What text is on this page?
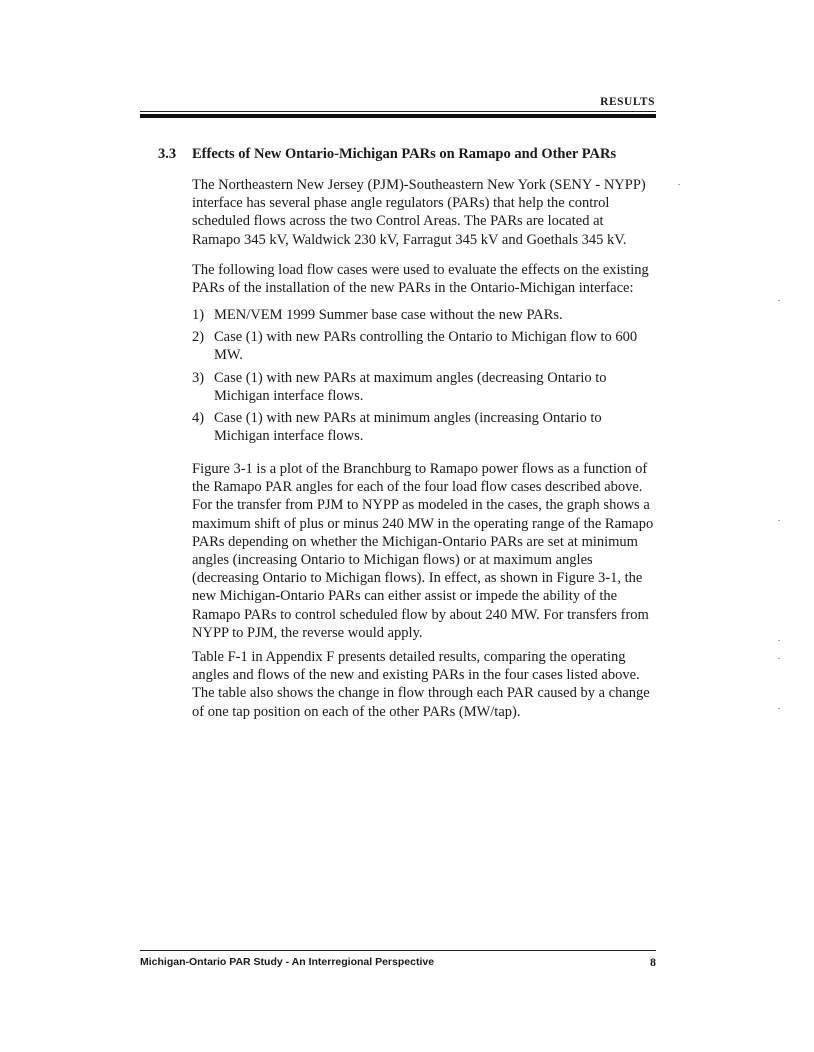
RESULTS
3.3 Effects of New Ontario-Michigan PARs on Ramapo and Other PARs

The Northeastern New Jersey (PJM)-Southeastern New York (SENY - NYPP) interface has several phase angle regulators (PARs) that help the control scheduled flows across the two Control Areas. The PARs are located at Ramapo 345 kV, Waldwick 230 kV, Farragut 345 kV and Goethals 345 kV.

The following load flow cases were used to evaluate the effects on the existing PARs of the installation of the new PARs in the Ontario-Michigan interface:

1) MEN/VEM 1999 Summer base case without the new PARs.
2) Case (1) with new PARs controlling the Ontario to Michigan flow to 600 MW.
3) Case (1) with new PARs at maximum angles (decreasing Ontario to Michigan interface flows.
4) Case (1) with new PARs at minimum angles (increasing Ontario to Michigan interface flows.

Figure 3-1 is a plot of the Branchburg to Ramapo power flows as a function of the Ramapo PAR angles for each of the four load flow cases described above. For the transfer from PJM to NYPP as modeled in the cases, the graph shows a maximum shift of plus or minus 240 MW in the operating range of the Ramapo PARs depending on whether the Michigan-Ontario PARs are set at minimum angles (increasing Ontario to Michigan flows) or at maximum angles (decreasing Ontario to Michigan flows). In effect, as shown in Figure 3-1, the new Michigan-Ontario PARs can either assist or impede the ability of the Ramapo PARs to control scheduled flow by about 240 MW. For transfers from NYPP to PJM, the reverse would apply.

Table F-1 in Appendix F presents detailed results, comparing the operating angles and flows of the new and existing PARs in the four cases listed above. The table also shows the change in flow through each PAR caused by a change of one tap position on each of the other PARs (MW/tap).

Michigan-Ontario PAR Study - An Interregional Perspective	8
